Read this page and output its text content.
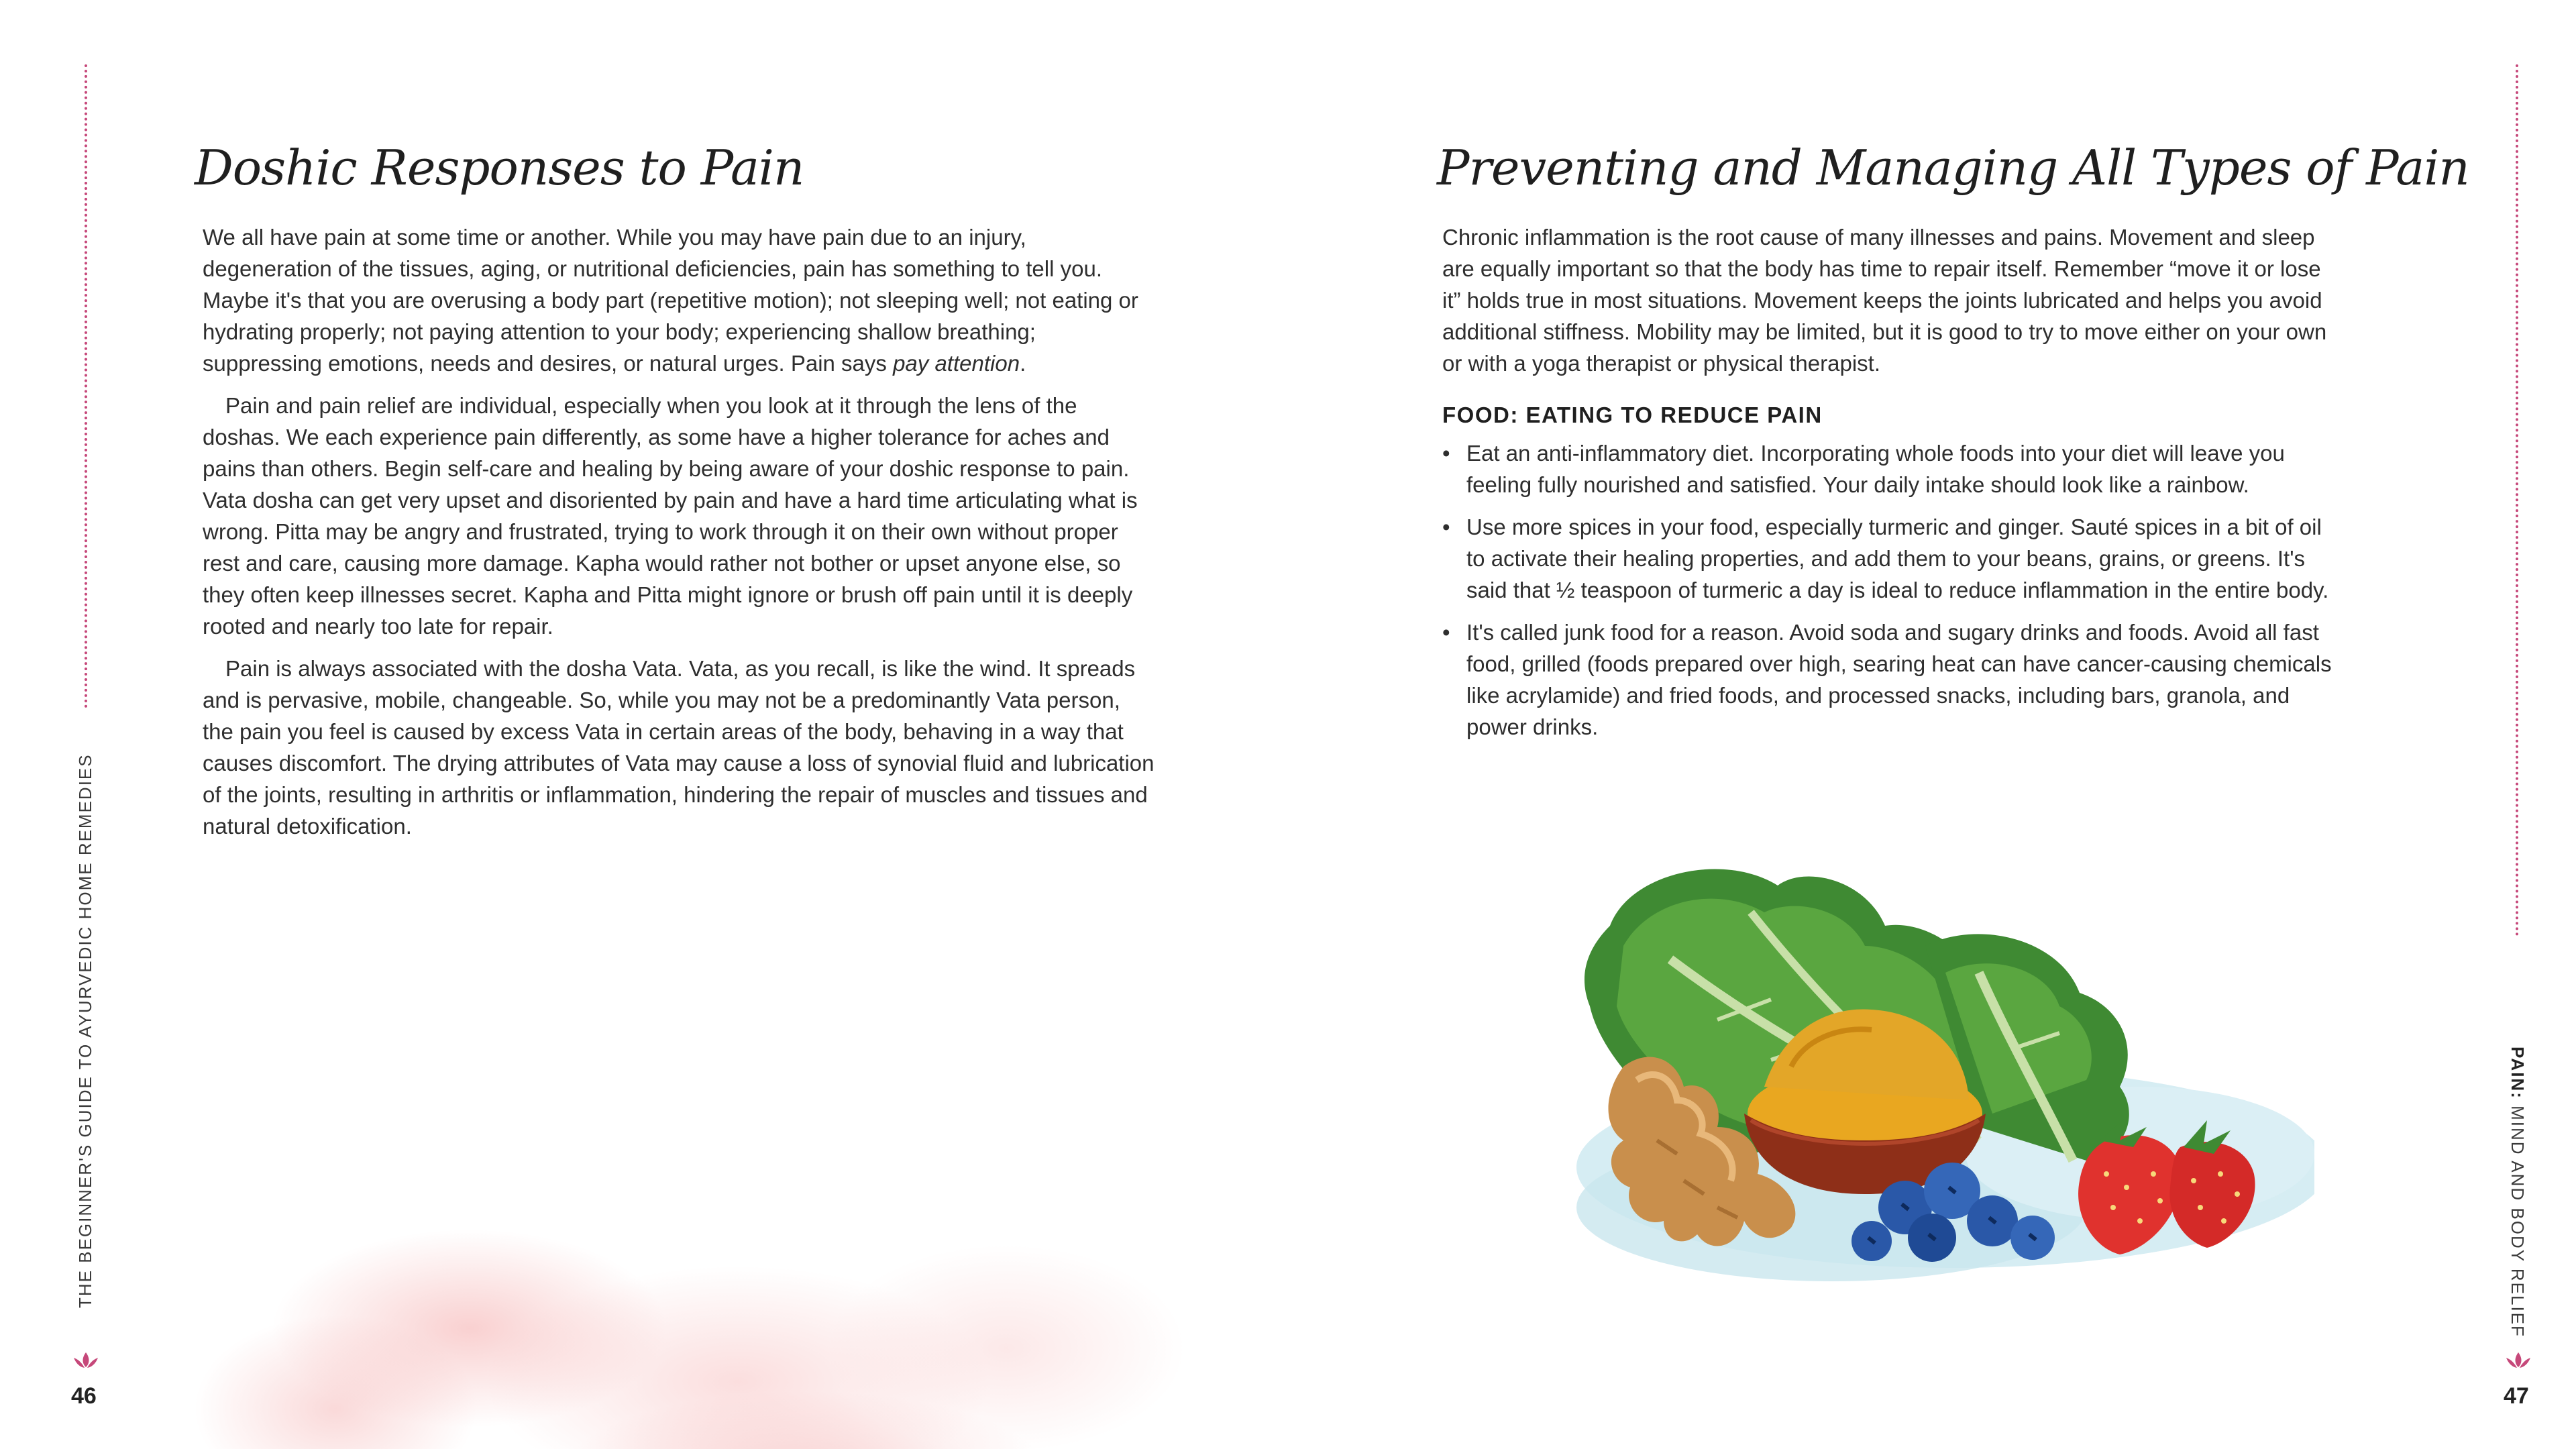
THE BEGINNER'S GUIDE TO AYURVEDIC HOME REMEDIES
46
Doshic Responses to Pain

We all have pain at some time or another. While you may have pain due to an injury, degeneration of the tissues, aging, or nutritional deficiencies, pain has something to tell you. Maybe it's that you are overusing a body part (repetitive motion); not sleeping well; not eating or hydrating properly; not paying attention to your body; experiencing shallow breathing; suppressing emotions, needs and desires, or natural urges. Pain says pay attention.

Pain and pain relief are individual, especially when you look at it through the lens of the doshas. We each experience pain differently, as some have a higher tolerance for aches and pains than others. Begin self-care and healing by being aware of your doshic response to pain. Vata dosha can get very upset and disoriented by pain and have a hard time articulating what is wrong. Pitta may be angry and frustrated, trying to work through it on their own without proper rest and care, causing more damage. Kapha would rather not bother or upset anyone else, so they often keep illnesses secret. Kapha and Pitta might ignore or brush off pain until it is deeply rooted and nearly too late for repair.

Pain is always associated with the dosha Vata. Vata, as you recall, is like the wind. It spreads and is pervasive, mobile, changeable. So, while you may not be a predominantly Vata person, the pain you feel is caused by excess Vata in certain areas of the body, behaving in a way that causes discomfort. The drying attributes of Vata may cause a loss of synovial fluid and lubrication of the joints, resulting in arthritis or inflammation, hindering the repair of muscles and tissues and natural detoxification.

PAIN: MIND AND BODY RELIEF
47
Preventing and Managing All Types of Pain

Chronic inflammation is the root cause of many illnesses and pains. Movement and sleep are equally important so that the body has time to repair itself. Remember “move it or lose it” holds true in most situations. Movement keeps the joints lubricated and helps you avoid additional stiffness. Mobility may be limited, but it is good to try to move either on your own or with a yoga therapist or physical therapist.

FOOD: EATING TO REDUCE PAIN
• Eat an anti-inflammatory diet. Incorporating whole foods into your diet will leave you feeling fully nourished and satisfied. Your daily intake should look like a rainbow.
• Use more spices in your food, especially turmeric and ginger. Sauté spices in a bit of oil to activate their healing properties, and add them to your beans, grains, or greens. It's said that ½ teaspoon of turmeric a day is ideal to reduce inflammation in the entire body.
• It's called junk food for a reason. Avoid soda and sugary drinks and foods. Avoid all fast food, grilled (foods prepared over high, searing heat can have cancer-causing chemicals like acrylamide) and fried foods, and processed snacks, including bars, granola, and power drinks.
